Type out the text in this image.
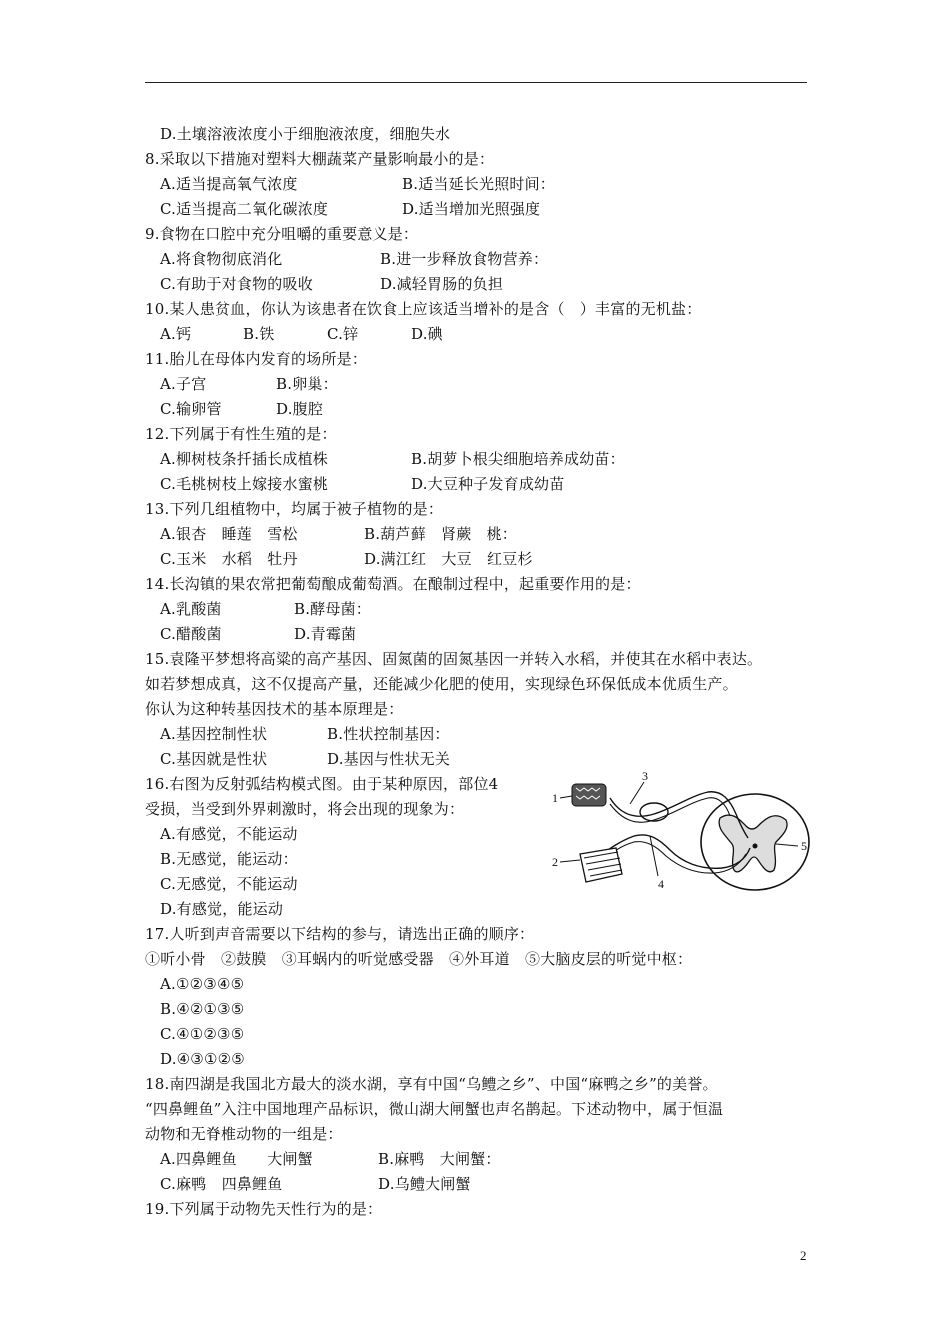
D.土壤溶液浓度小于细胞液浓度，细胞失水
8.采取以下措施对塑料大棚蔬菜产量影响最小的是：
A.适当提高氧气浓度	B.适当延长光照时间：
C.适当提高二氧化碳浓度	D.适当增加光照强度
9.食物在口腔中充分咀嚼的重要意义是：
A.将食物彻底消化	B.进一步释放食物营养：
C.有助于对食物的吸收	D.减轻胃肠的负担
10.某人患贫血，你认为该患者在饮食上应该适当增补的是含（　）丰富的无机盐：
A.钙	B.铁	C.锌	D.碘
11.胎儿在母体内发育的场所是：
A.子宫	B.卵巢：
C.输卵管	D.腹腔
12.下列属于有性生殖的是：
A.柳树枝条扦插长成植株	B.胡萝卜根尖细胞培养成幼苗：
C.毛桃树枝上嫁接水蜜桃	D.大豆种子发育成幼苗
13.下列几组植物中，均属于被子植物的是：
A.银杏　睡莲　雪松	B.葫芦藓　肾蕨　桃：
C.玉米　水稻　牡丹	D.满江红　大豆　红豆杉
14.长沟镇的果农常把葡萄酿成葡萄酒。在酿制过程中，起重要作用的是：
A.乳酸菌	B.酵母菌：
C.醋酸菌	D.青霉菌
15.袁隆平梦想将高粱的高产基因、固氮菌的固氮基因一并转入水稻，并使其在水稻中表达。
如若梦想成真，这不仅提高产量，还能减少化肥的使用，实现绿色环保低成本优质生产。
你认为这种转基因技术的基本原理是：
A.基因控制性状	B.性状控制基因：
C.基因就是性状	D.基因与性状无关
16.右图为反射弧结构模式图。由于某种原因，部位4
受损，当受到外界刺激时，将会出现的现象为：
A.有感觉，不能运动
B.无感觉，能运动：
C.无感觉，不能运动
D.有感觉，能运动
17.人听到声音需要以下结构的参与，请选出正确的顺序：
①听小骨　②鼓膜　③耳蜗内的听觉感受器　④外耳道　⑤大脑皮层的听觉中枢：
A.①②③④⑤
B.④②①③⑤
C.④①②③⑤
D.④③①②⑤
18.南四湖是我国北方最大的淡水湖，享有中国“乌鳢之乡”、中国“麻鸭之乡”的美誉。
“四鼻鲤鱼”入注中国地理产品标识，微山湖大闸蟹也声名鹊起。下述动物中，属于恒温
动物和无脊椎动物的一组是：
A.四鼻鲤鱼　　大闸蟹	B.麻鸭　大闸蟹：
C.麻鸭　四鼻鲤鱼	D.乌鳢大闸蟹
19.下列属于动物先天性行为的是：
1
2
3
4
5
2
